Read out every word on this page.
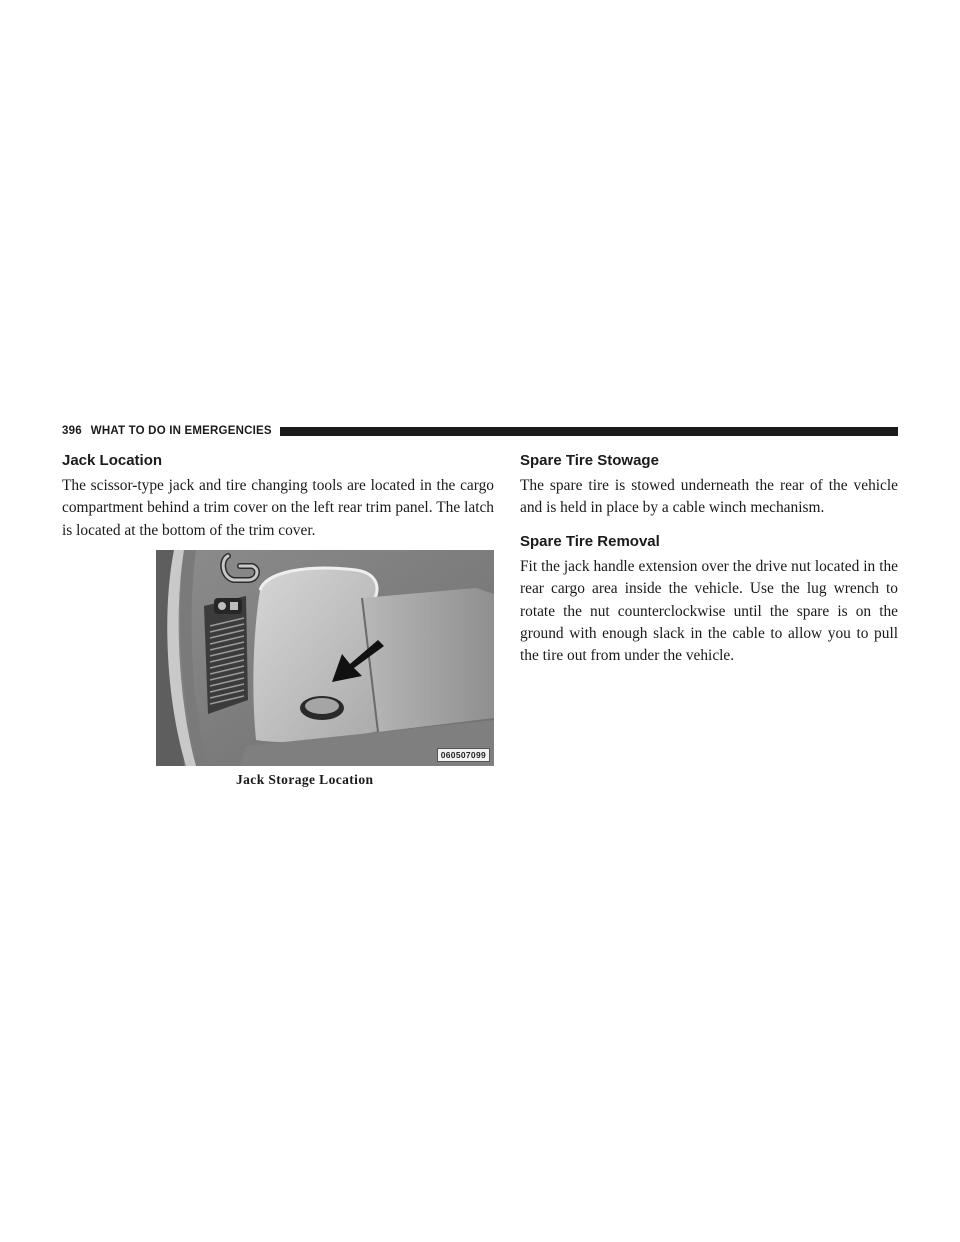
396 WHAT TO DO IN EMERGENCIES
Jack Location

The scissor-type jack and tire changing tools are located in the cargo compartment behind a trim cover on the left rear trim panel. The latch is located at the bottom of the trim cover.

060507099
Jack Storage Location
Spare Tire Stowage

The spare tire is stowed underneath the rear of the vehicle and is held in place by a cable winch mechanism.

Spare Tire Removal

Fit the jack handle extension over the drive nut located in the rear cargo area inside the vehicle. Use the lug wrench to rotate the nut counterclockwise until the spare is on the ground with enough slack in the cable to allow you to pull the tire out from under the vehicle.
